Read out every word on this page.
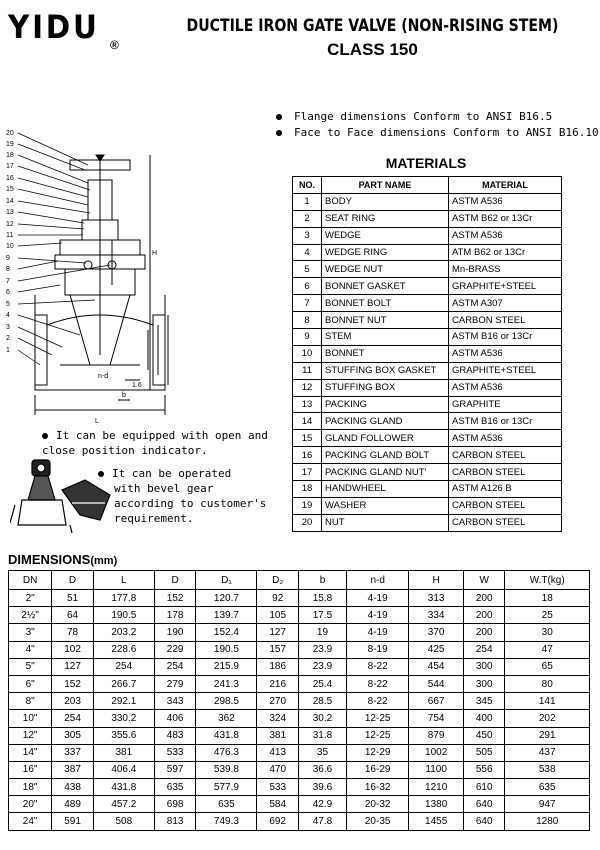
YIDU ®
DUCTILE IRON GATE VALVE (NON-RISING STEM)
CLASS 150
Flange dimensions Conform to ANSI B16.5
Face to Face dimensions Conform to ANSI B16.10
20
19
18
17
16
15
14
13
12
11
10
9
8
7
6
5
4
3
2
1
L
b
n-d
1.6
H
MATERIALS
NO.	PART NAME	MATERIAL
1	BODY	ASTM A536
2	SEAT RING	ASTM B62 or 13Cr
3	WEDGE	ASTM A536
4	WEDGE RING	ATM B62 or 13Cr
5	WEDGE NUT	Mn-BRASS
6	BONNET GASKET	GRAPHITE+STEEL
7	BONNET BOLT	ASTM A307
8	BONNET NUT	CARBON STEEL
9	STEM	ASTM B16 or 13Cr
10	BONNET	ASTM A536
11	STUFFING BOX GASKET	GRAPHITE+STEEL
12	STUFFING BOX	ASTM A536
13	PACKING	GRAPHITE
14	PACKING GLAND	ASTM B16 or 13Cr
15	GLAND FOLLOWER	ASTM A536
16	PACKING GLAND BOLT	CARBON STEEL
17	PACKING GLAND NUT'	CARBON STEEL
18	HANDWHEEL	ASTM A126 B
19	WASHER	CARBON STEEL
20	NUT	CARBON STEEL
It can be equipped with open and
close position indicator.
It can be operated
with bevel gear
according to customer's
requirement.
DIMENSIONS(mm)
DN	D	L	D	D₁	D₂	b	n-d	H	W	W.T(kg)
2"	51	177.8	152	120.7	92	15.8	4-19	313	200	18
2½"	64	190.5	178	139.7	105	17.5	4-19	334	200	25
3"	78	203.2	190	152.4	127	19	4-19	370	200	30
4"	102	228.6	229	190.5	157	23.9	8-19	425	254	47
5"	127	254	254	215.9	186	23.9	8-22	454	300	65
6"	152	266.7	279	241.3	216	25.4	8-22	544	300	80
8"	203	292.1	343	298.5	270	28.5	8-22	667	345	141
10"	254	330.2	406	362	324	30.2	12-25	754	400	202
12"	305	355.6	483	431.8	381	31.8	12-25	879	450	291
14"	337	381	533	476.3	413	35	12-29	1002	505	437
16"	387	406.4	597	539.8	470	36.6	16-29	1100	556	538
18"	438	431.8	635	577.9	533	39.6	16-32	1210	610	635
20"	489	457.2	698	635	584	42.9	20-32	1380	640	947
24"	591	508	813	749.3	692	47.8	20-35	1455	640	1280
